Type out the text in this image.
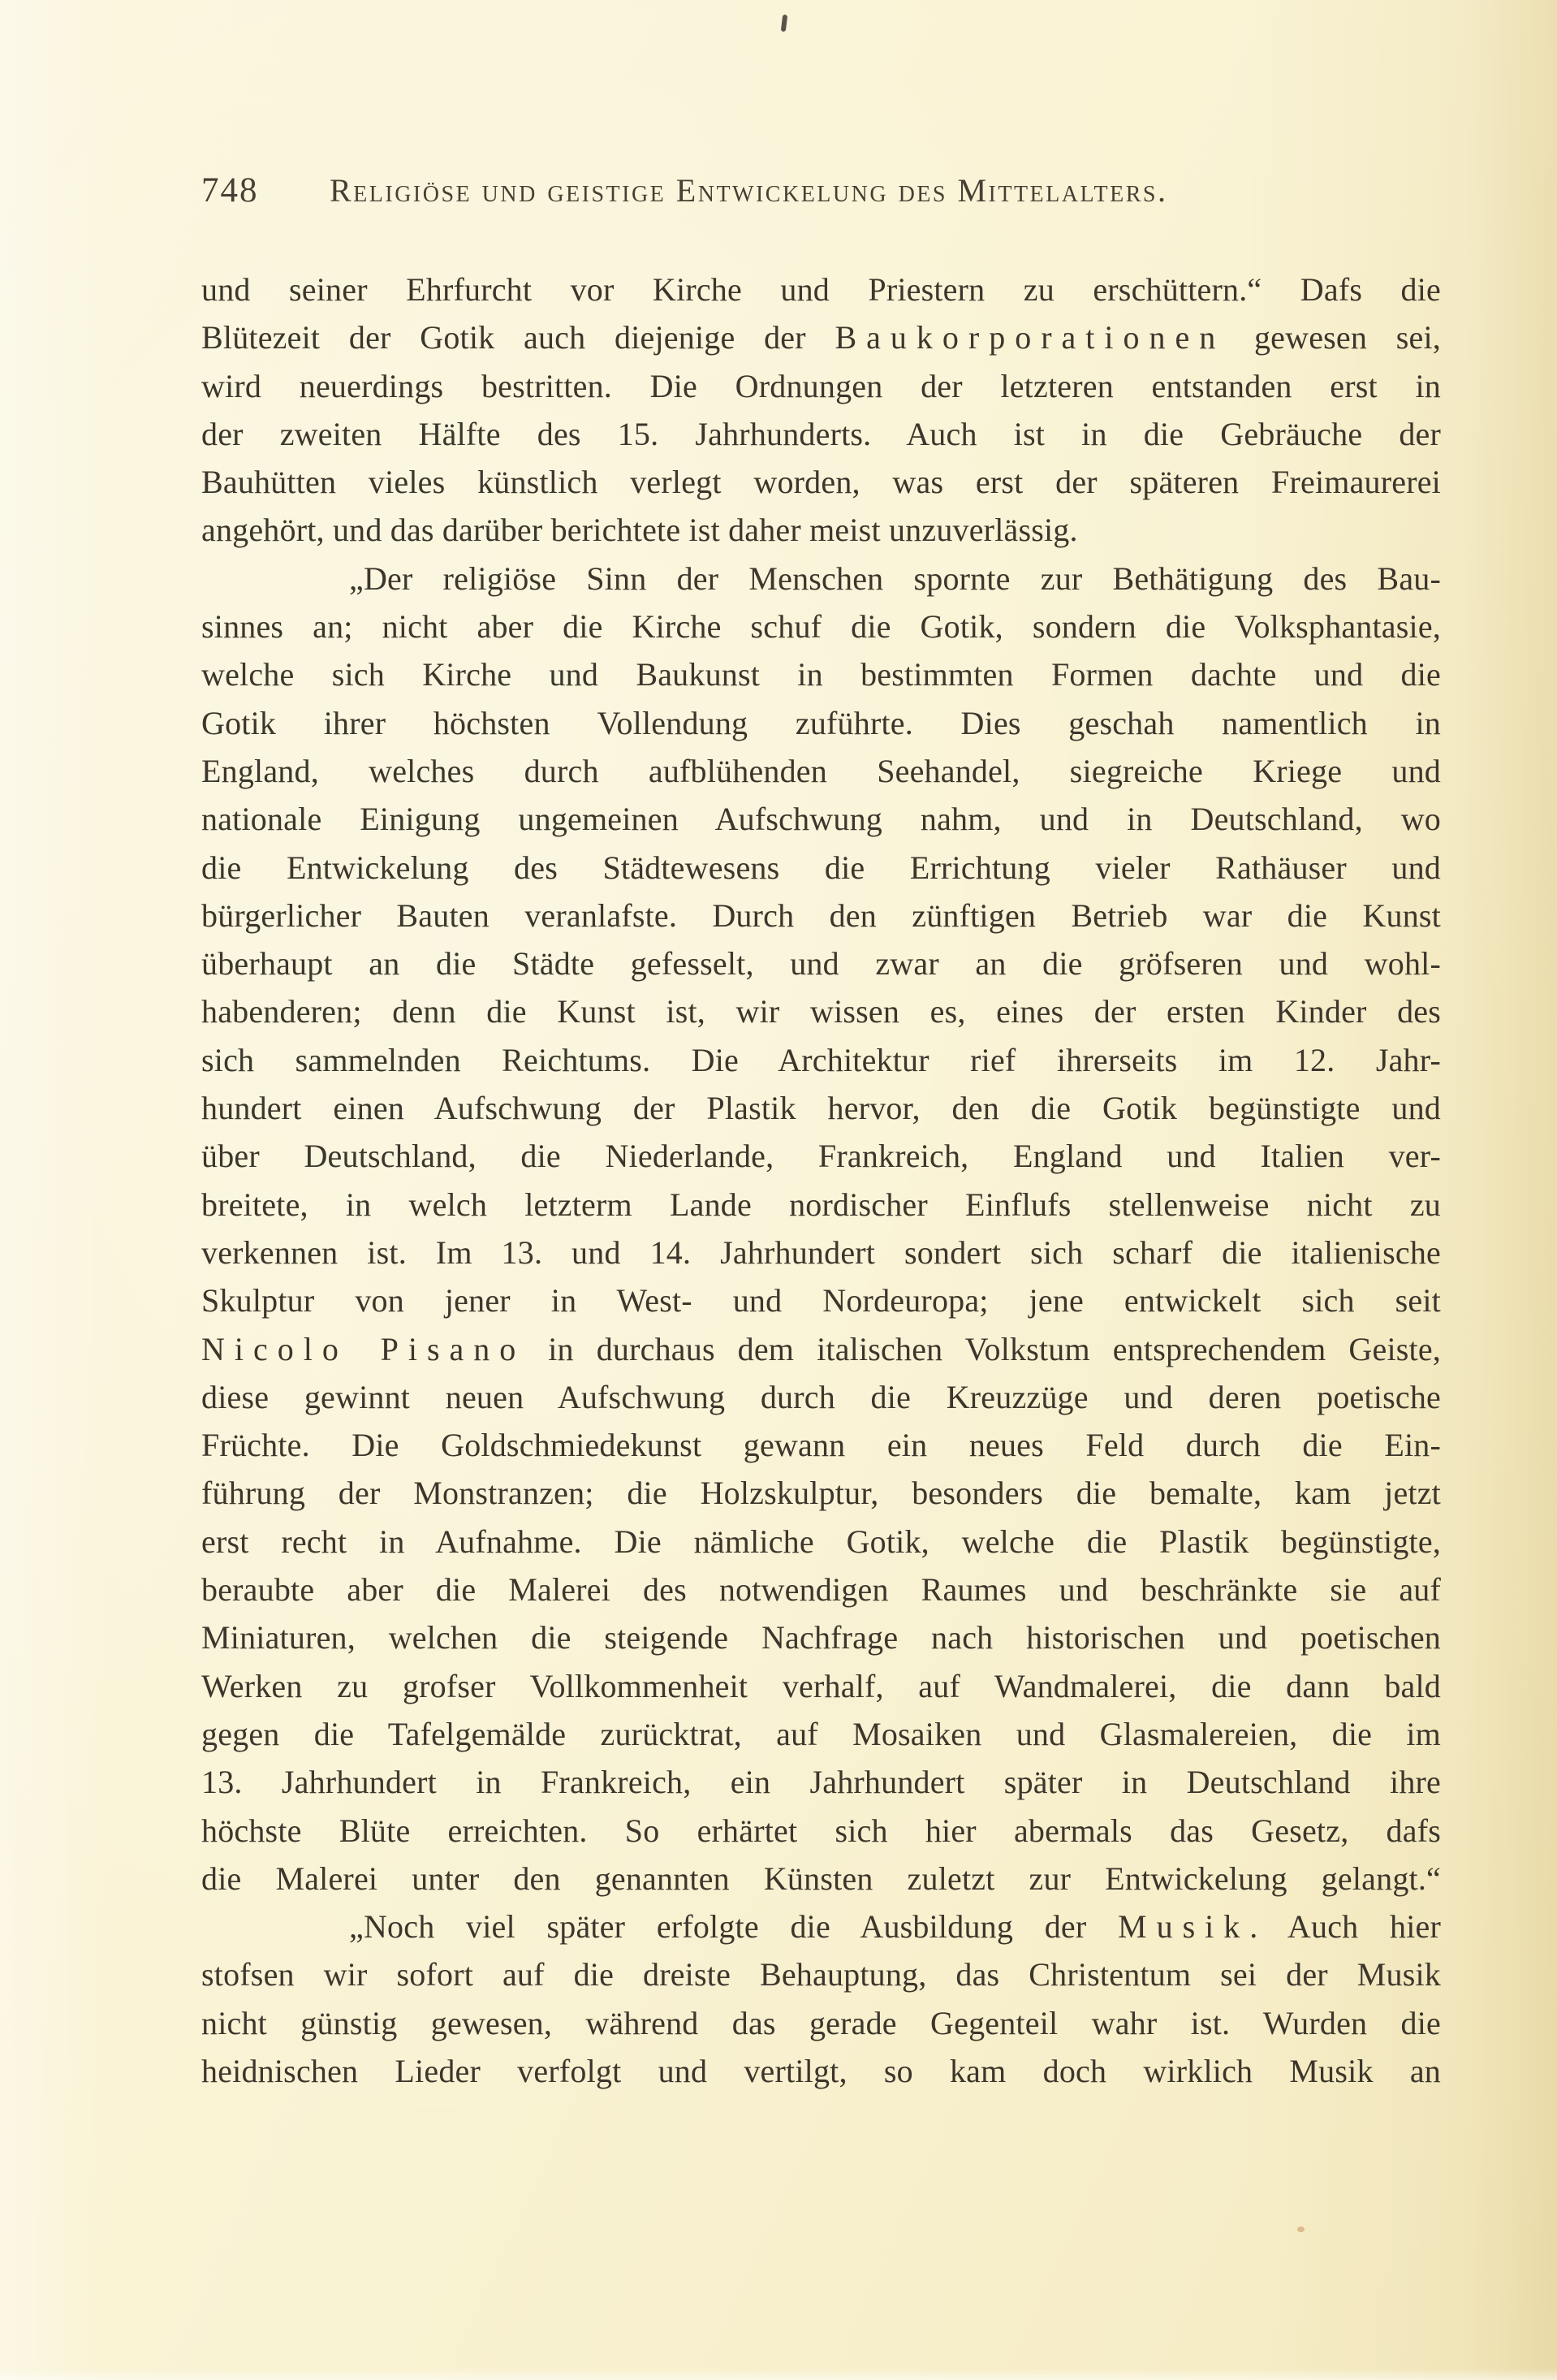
748 Religiöse und geistige Entwickelung des Mittelalters.
und seiner Ehrfurcht vor Kirche und Priestern zu erschüttern.“ Dafs die
Blütezeit der Gotik auch diejenige der Baukorporationen gewesen sei,
wird neuerdings bestritten. Die Ordnungen der letzteren entstanden erst in
der zweiten Hälfte des 15. Jahrhunderts. Auch ist in die Gebräuche der
Bauhütten vieles künstlich verlegt worden, was erst der späteren Freimaurerei
angehört, und das darüber berichtete ist daher meist unzuverlässig.
„Der religiöse Sinn der Menschen spornte zur Bethätigung des Bau-
sinnes an; nicht aber die Kirche schuf die Gotik, sondern die Volksphantasie,
welche sich Kirche und Baukunst in bestimmten Formen dachte und die
Gotik ihrer höchsten Vollendung zuführte. Dies geschah namentlich in
England, welches durch aufblühenden Seehandel, siegreiche Kriege und
nationale Einigung ungemeinen Aufschwung nahm, und in Deutschland, wo
die Entwickelung des Städtewesens die Errichtung vieler Rathäuser und
bürgerlicher Bauten veranlafste. Durch den zünftigen Betrieb war die Kunst
überhaupt an die Städte gefesselt, und zwar an die gröfseren und wohl-
habenderen; denn die Kunst ist, wir wissen es, eines der ersten Kinder des
sich sammelnden Reichtums. Die Architektur rief ihrerseits im 12. Jahr-
hundert einen Aufschwung der Plastik hervor, den die Gotik begünstigte und
über Deutschland, die Niederlande, Frankreich, England und Italien ver-
breitete, in welch letzterm Lande nordischer Einflufs stellenweise nicht zu
verkennen ist. Im 13. und 14. Jahrhundert sondert sich scharf die italienische
Skulptur von jener in West- und Nordeuropa; jene entwickelt sich seit
Nicolo Pisano in durchaus dem italischen Volkstum entsprechendem Geiste,
diese gewinnt neuen Aufschwung durch die Kreuzzüge und deren poetische
Früchte. Die Goldschmiedekunst gewann ein neues Feld durch die Ein-
führung der Monstranzen; die Holzskulptur, besonders die bemalte, kam jetzt
erst recht in Aufnahme. Die nämliche Gotik, welche die Plastik begünstigte,
beraubte aber die Malerei des notwendigen Raumes und beschränkte sie auf
Miniaturen, welchen die steigende Nachfrage nach historischen und poetischen
Werken zu grofser Vollkommenheit verhalf, auf Wandmalerei, die dann bald
gegen die Tafelgemälde zurücktrat, auf Mosaiken und Glasmalereien, die im
13. Jahrhundert in Frankreich, ein Jahrhundert später in Deutschland ihre
höchste Blüte erreichten. So erhärtet sich hier abermals das Gesetz, dafs
die Malerei unter den genannten Künsten zuletzt zur Entwickelung gelangt.“
„Noch viel später erfolgte die Ausbildung der Musik. Auch hier
stofsen wir sofort auf die dreiste Behauptung, das Christentum sei der Musik
nicht günstig gewesen, während das gerade Gegenteil wahr ist. Wurden die
heidnischen Lieder verfolgt und vertilgt, so kam doch wirklich Musik an
